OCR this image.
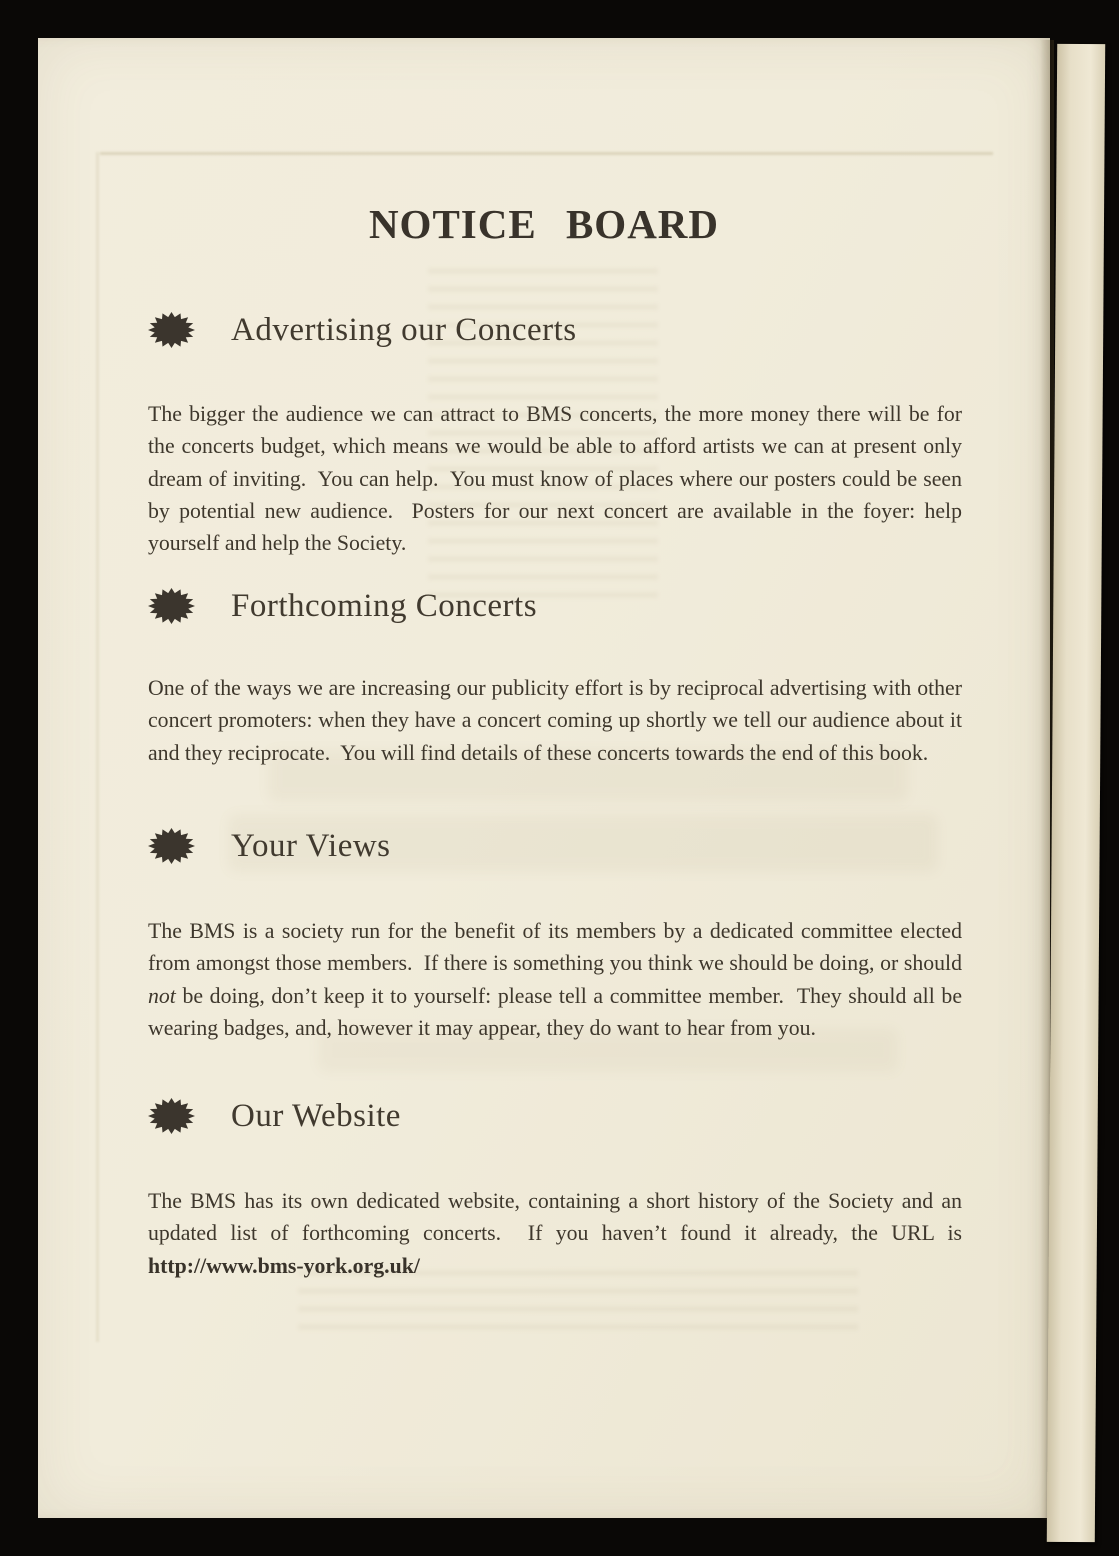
NOTICE BOARD
Advertising our Concerts

The bigger the audience we can attract to BMS concerts, the more money there will be for the concerts budget, which means we would be able to afford artists we can at present only dream of inviting.  You can help.  You must know of places where our posters could be seen by potential new audience.  Posters for our next concert are available in the foyer: help yourself and help the Society.

Forthcoming Concerts

One of the ways we are increasing our publicity effort is by reciprocal advertising with other concert promoters: when they have a concert coming up shortly we tell our audience about it and they reciprocate.  You will find details of these concerts towards the end of this book.

Your Views

The BMS is a society run for the benefit of its members by a dedicated committee elected from amongst those members.  If there is something you think we should be doing, or should not be doing, don’t keep it to yourself: please tell a committee member.  They should all be wearing badges, and, however it may appear, they do want to hear from you.

Our Website

The BMS has its own dedicated website, containing a short history of the Society and an updated list of forthcoming concerts.  If you haven’t found it already, the URL is http://www.bms-york.org.uk/
